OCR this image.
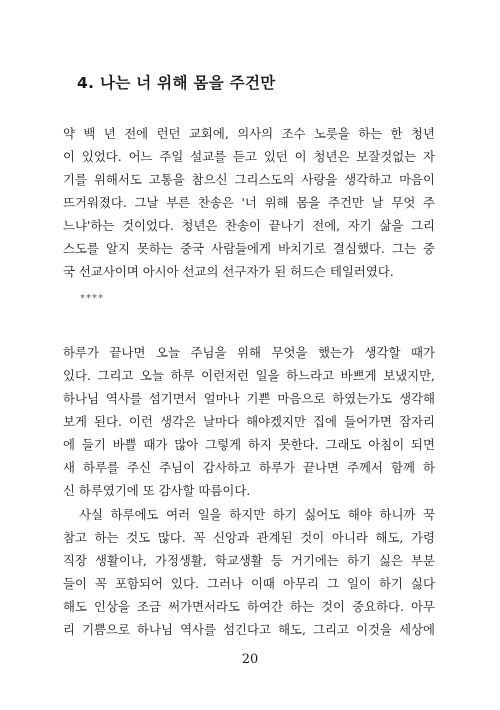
4. 나는 너 위해 몸을 주건만
약 백 년 전에 런던 교회에, 의사의 조수 노릇을 하는 한 청년
이 있었다. 어느 주일 설교를 듣고 있던 이 청년은 보잘것없는 자
기를 위해서도 고통을 참으신 그리스도의 사랑을 생각하고 마음이
뜨거워졌다. 그날 부른 찬송은 '너 위해 몸을 주건만 날 무엇 주
느냐'하는 것이었다. 청년은 찬송이 끝나기 전에, 자기 삶을 그리
스도를 알지 못하는 중국 사람들에게 바치기로 결심했다. 그는 중
국 선교사이며 아시아 선교의 선구자가 된 허드슨 테일러였다.
****
하루가 끝나면 오늘 주님을 위해 무엇을 했는가 생각할 때가
있다. 그리고 오늘 하루 이런저런 일을 하느라고 바쁘게 보냈지만,
하나님 역사를 섬기면서 얼마나 기쁜 마음으로 하였는가도 생각해
보게 된다. 이런 생각은 날마다 해야겠지만 집에 들어가면 잠자리
에 들기 바쁠 때가 많아 그렇게 하지 못한다. 그래도 아침이 되면
새 하루를 주신 주님이 감사하고 하루가 끝나면 주께서 함께 하
신 하루였기에 또 감사할 따름이다.
　사실 하루에도 여러 일을 하지만 하기 싫어도 해야 하니까 꾹
참고 하는 것도 많다. 꼭 신앙과 관계된 것이 아니라 해도, 가령
직장 생활이나, 가정생활, 학교생활 등 거기에는 하기 싫은 부분
들이 꼭 포함되어 있다. 그러나 이때 아무리 그 일이 하기 싫다
해도 인상을 조금 써가면서라도 하여간 하는 것이 중요하다. 아무
리 기쁨으로 하나님 역사를 섬긴다고 해도, 그리고 이것을 세상에
20
